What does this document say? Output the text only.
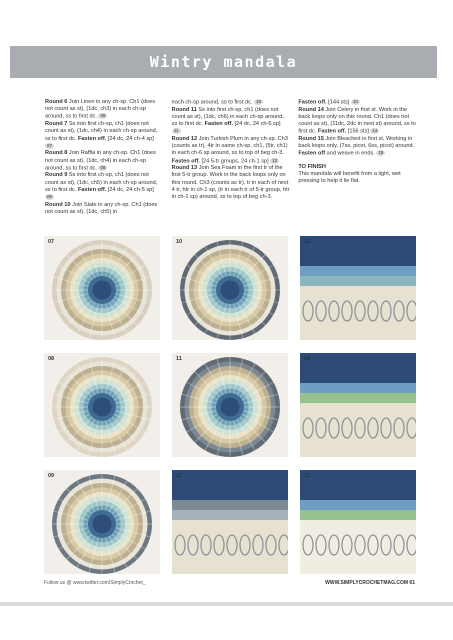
Wintry mandala

Round 6 Join Linen in any ch-sp. Ch1 (does not count as st), (1dc, ch3) in each ch-sp around, ss to first dc. 06

Round 7 Ss into first ch-sp, ch1 (does not count as st), (1dc, ch4) in each ch-sp around, ss to first dc. Fasten off. [24 dc, 24 ch-4 sp] 07

Round 8 Join Raffia in any ch-sp. Ch1 (does not count as st), (1dc, ch4) in each ch-sp around, ss to first dc. 08

Round 9 Ss into first ch-sp, ch1 (does not count as st), (1dc, ch5) in each ch-sp around, ss to first dc. Fasten off. [24 dc, 24 ch-5 sp] 09

Round 10 Join Slate in any ch-sp. Ch1 (does not count as st), (1dc, ch5) in

each ch-sp around, ss to first dc. 10

Round 11 Ss into first ch-sp, ch1 (does not count as st), (1dc, ch6) in each ch-sp around, ss to first dc. Fasten off. [24 dc, 24 ch-6 sp] 11

Round 12 Join Turkish Plum in any ch-sp. Ch3 (counts as tr), 4tr in same ch-sp, ch1, (5tr, ch1) in each ch-6 sp around, ss to top of beg ch-3. Fasten off. [24 5-tr groups, 24 ch-1 sp] 12

Round 13 Join Sea Foam in the first tr of the first 5-tr group. Work in the back loops only on this round. Ch3 (counts as tr), tr in each of next 4 tr, htr in ch-1 sp, (tr in each tr of 5-tr group, htr in ch-1 sp) around, ss to top of beg ch-3.

Fasten off. [144 sts] 13

Round 14 Join Celery in first st. Work in the back loops only on this round. Ch1 (does not count as st), (11dc, 2dc in next st) around, ss to first dc. Fasten off. [156 sts] 14

Round 15 Join Bleached in first st. Working in back loops only, (7ss, picot, 6ss, picot) around. Fasten off and weave in ends. 15

TO FINISH

This mandala will benefit from a light, wet pressing to help it lie flat.

07	10	13
08	11	14
09	12	15
Follow us @ www.twitter.com/SimplyCrochet_	WWW.SIMPLYCROCHETMAG.COM 61
